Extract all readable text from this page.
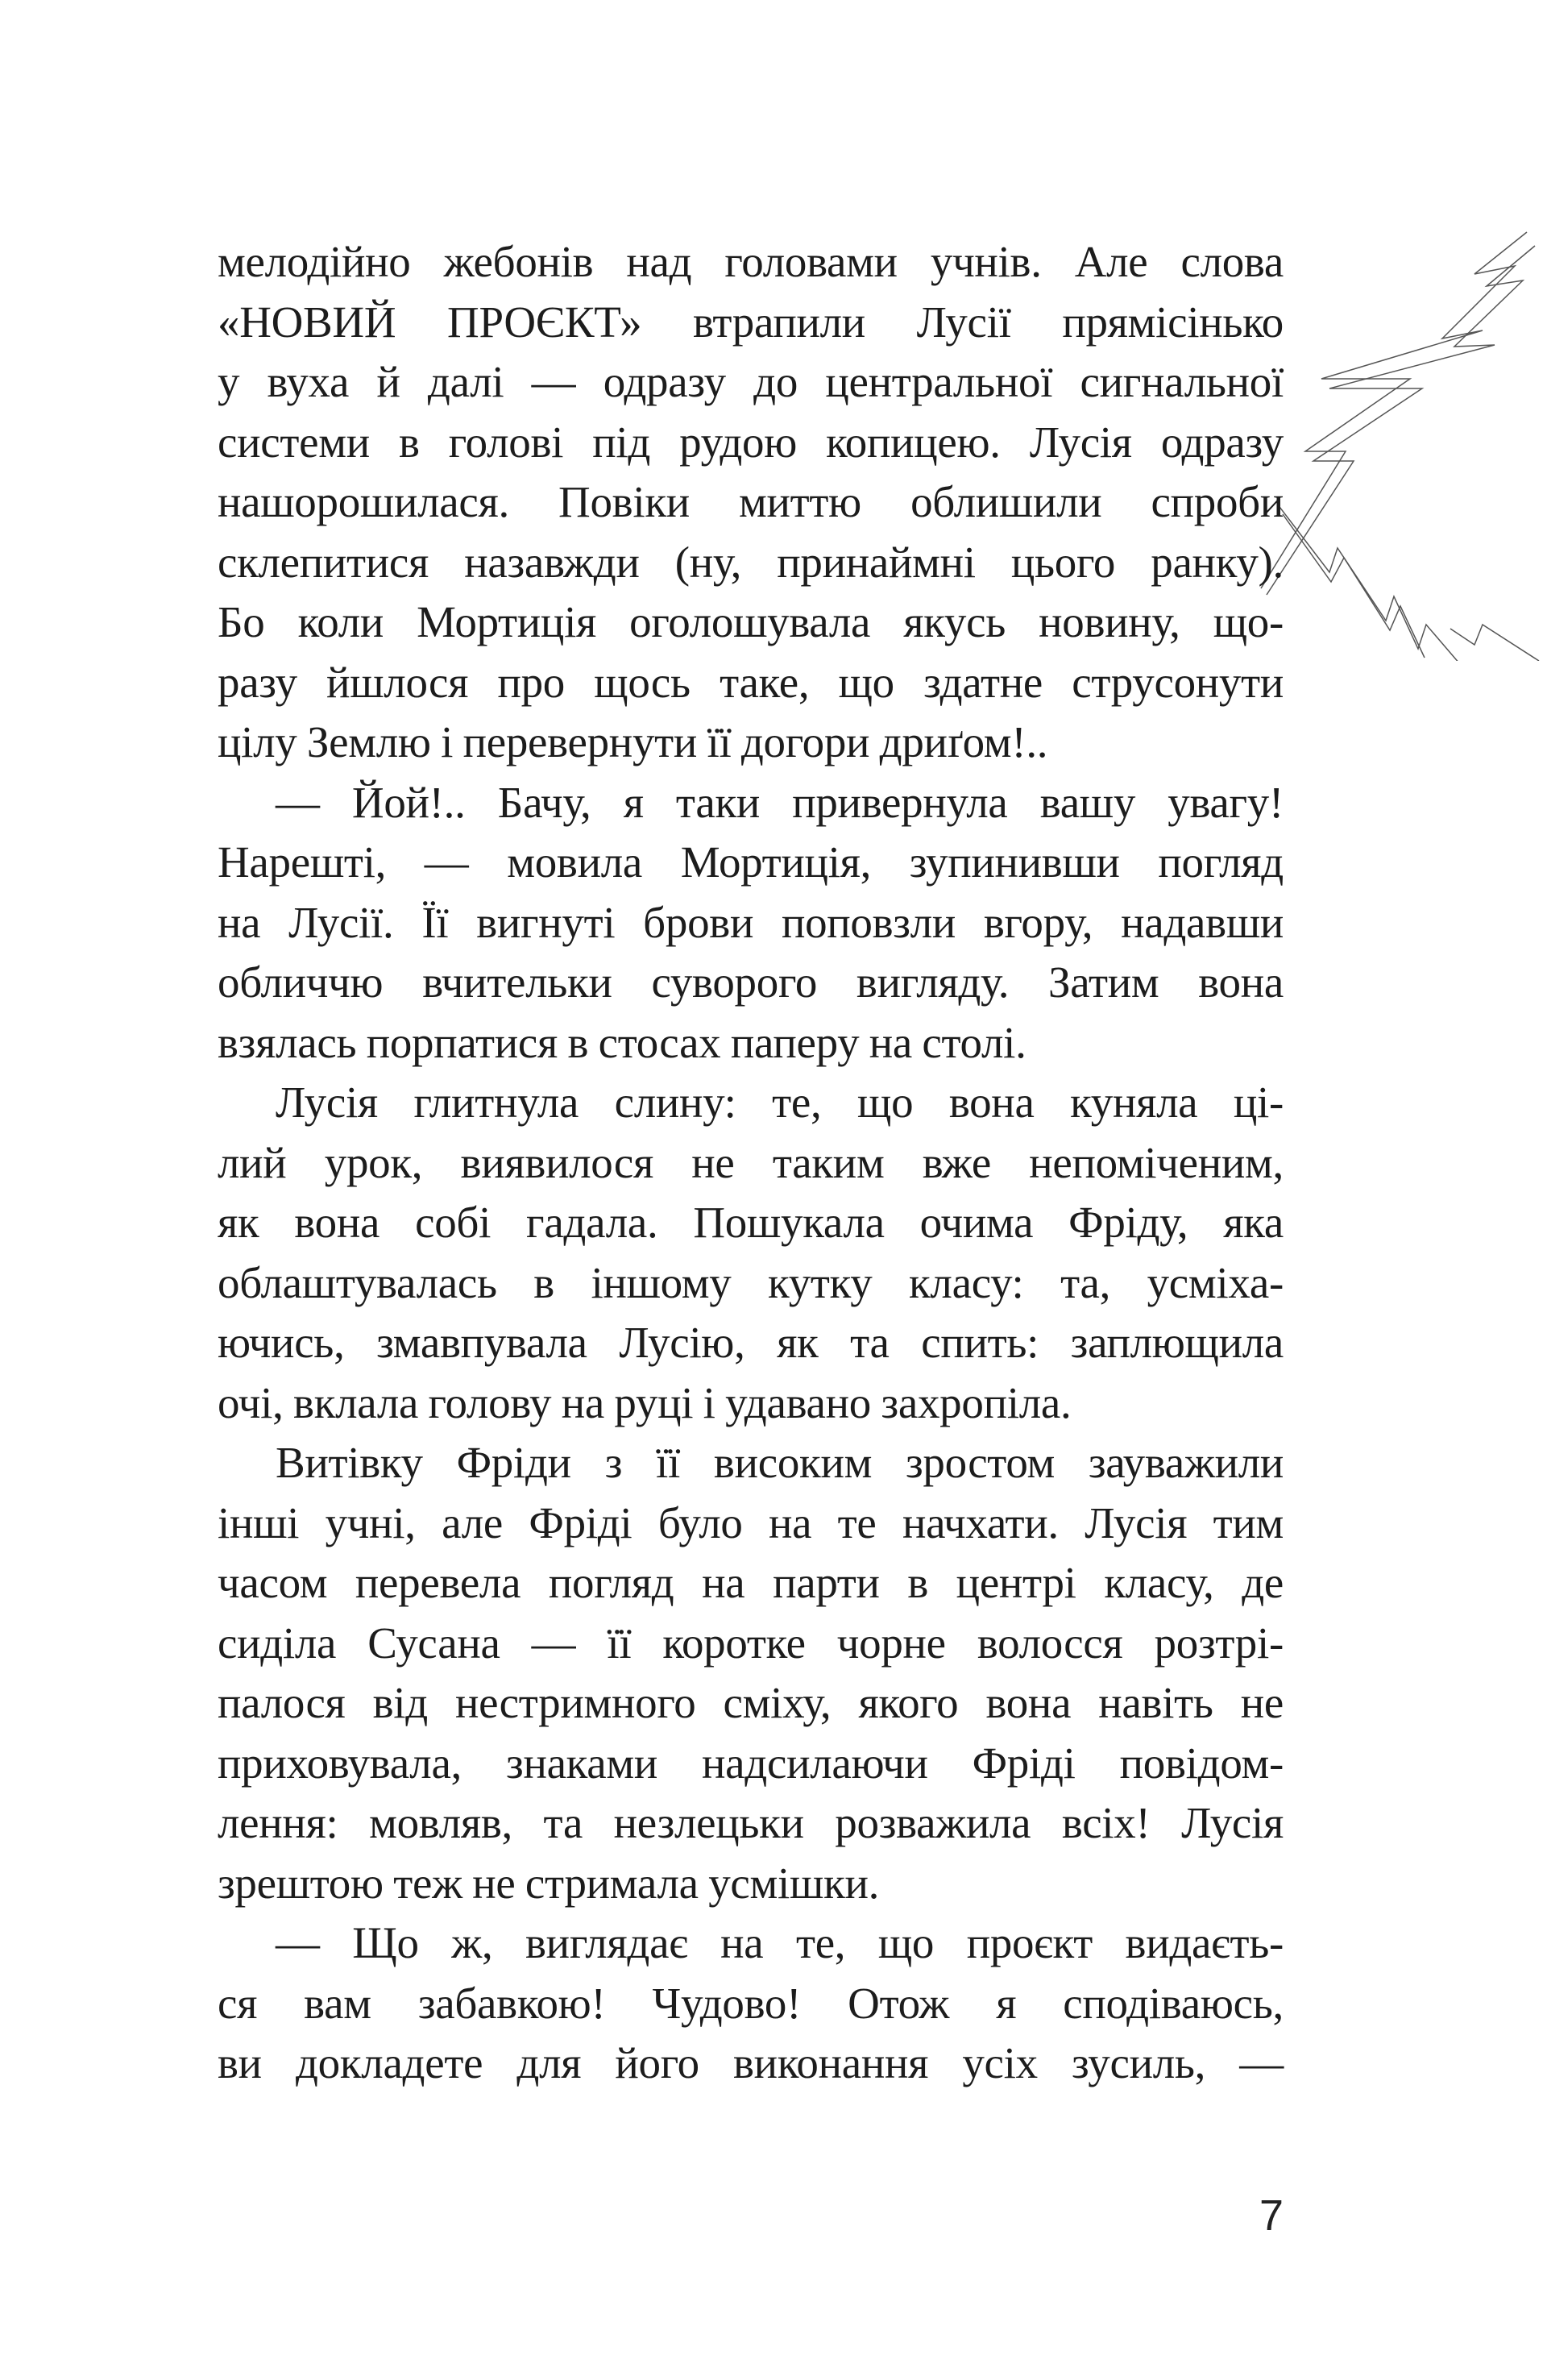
мелодійно жебонів над головами учнів. Але слова
«НОВИЙ ПРОЄКТ» втрапили Лусії прямісінько
у вуха й далі — одразу до центральної сигнальної
системи в голові під рудою копицею. Лусія одразу
нашорошилася. Повіки миттю облишили спроби
склепитися назавжди (ну, принаймні цього ранку).
Бо коли Мортиція оголошувала якусь новину, що-
разу йшлося про щось таке, що здатне струсонути
цілу Землю і перевернути її догори дриґом!..
— Йой!.. Бачу, я таки привернула вашу увагу!
Нарешті, — мовила Мортиція, зупинивши погляд
на Лусії. Її вигнуті брови поповзли вгору, надавши
обличчю вчительки суворого вигляду. Затим вона
взялась порпатися в стосах паперу на столі.
Лусія глитнула слину: те, що вона куняла ці-
лий урок, виявилося не таким вже непоміченим,
як вона собі гадала. Пошукала очима Фріду, яка
облаштувалась в іншому кутку класу: та, усміха-
ючись, змавпувала Лусію, як та спить: заплющила
очі, вклала голову на руці і удавано захропіла.
Витівку Фріди з її високим зростом зауважили
інші учні, але Фріді було на те начхати. Лусія тим
часом перевела погляд на парти в центрі класу, де
сиділа Сусана — її коротке чорне волосся розтрі-
палося від нестримного сміху, якого вона навіть не
приховувала, знаками надсилаючи Фріді повідом-
лення: мовляв, та незлецьки розважила всіх! Лусія
зрештою теж не стримала усмішки.
— Що ж, виглядає на те, що проєкт видаєть-
ся вам забавкою! Чудово! Отож я сподіваюсь,
ви докладете для його виконання усіх зусиль, —
7
